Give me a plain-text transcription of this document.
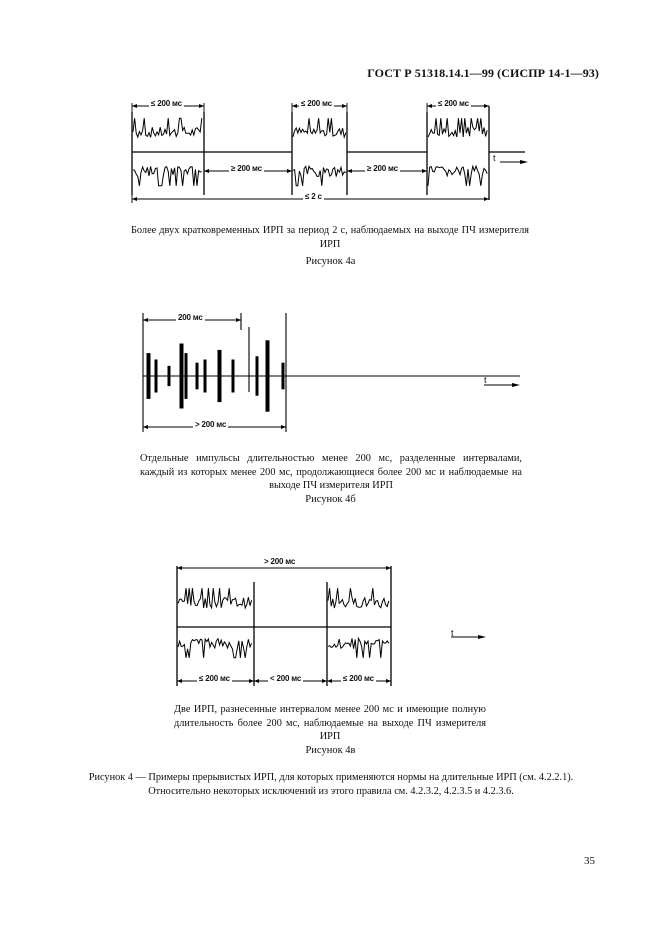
ГОСТ Р 51318.14.1—99 (СИСПР 14-1—93)
≤ 200 мс	≤ 200 мс	≤ 200 мс
≥ 200 мс	≥ 200 мс
≤ 2 с
t
Более двух кратковременных ИРП за период 2 с, наблюдаемых на выходе ПЧ измерителя ИРП
Рисунок 4а
200 мс
> 200 мс
t
Отдельные импульсы длительностью менее 200 мс, разделенные интервалами, каждый из которых менее 200 мс, продолжающиеся более 200 мс и наблюдаемые на выходе ПЧ измерителя ИРП
Рисунок 4б
> 200 мс
≤ 200 мс	< 200 мс	≤ 200 мс
t
Две ИРП, разнесенные интервалом менее 200 мс и имеющие полную длительность более 200 мс, наблюдаемые на выходе ПЧ измерителя ИРП
Рисунок 4в
Рисунок 4 — Примеры прерывистых ИРП, для которых применяются нормы на длительные ИРП (см. 4.2.2.1). Относительно некоторых исключений из этого правила см. 4.2.3.2, 4.2.3.5 и 4.2.3.6.
35
